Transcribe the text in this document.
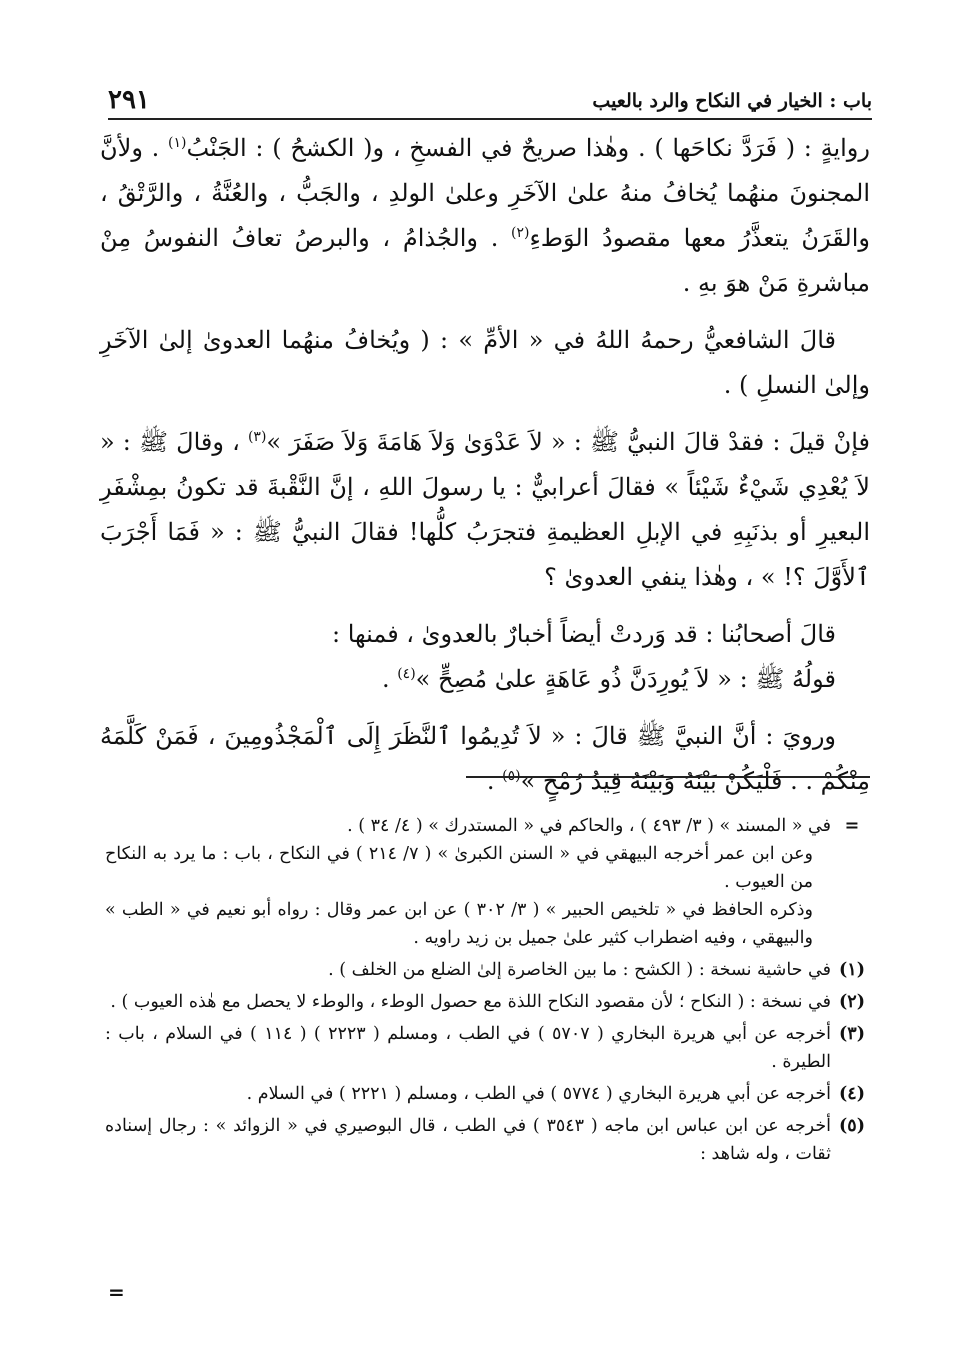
٢٩١	باب : الخيار في النكاح والرد بالعيب

روايةٍ : ( فَرَدَّ نكاحَها ) . وهٰذا صريحٌ في الفسخِ ، و( الكشحُ ) : الجَنْبُ$^{(١)}$ . ولأنَّ المجنونَ منهُما يُخافُ منهُ علىٰ الآخَرِ وعلىٰ الولدِ ، والجَبُّ ، والعُنَّةُ ، والرَّتْقُ ، والقَرَنُ يتعذَّرُ معها مقصودُ الوَطءِ$^{(٢)}$ . والجُذامُ ، والبرصُ تعافُ النفوسُ مِنْ مباشرةِ مَنْ هوَ بهِ .

قالَ الشافعيُّ رحمهُ اللهُ في « الأمِّ » : ( ويُخافُ منهُما العدوىٰ إلىٰ الآخَرِ وإلىٰ النسلِ ) .

فإنْ قيلَ : فقدْ قالَ النبيُّ ﷺ : « لاَ عَدْوَىٰ وَلاَ هَامَةَ وَلاَ صَفَرَ »$^{(٣)}$ ، وقالَ ﷺ : « لاَ يُعْدِي شَيْءٌ شَيْئاً » فقالَ أعرابيٌّ : يا رسولَ اللهِ ، إنَّ النَّقْبةَ قد تكونُ بمِشْفَرِ البعيرِ أو بذنَبِهِ في الإبلِ العظيمةِ فتجرَبُ كلُّها! فقالَ النبيُّ ﷺ : « فَمَا أَجْرَبَ ٱلأَوَّلَ ؟! » ، وهٰذا ينفي العدوىٰ ؟

قالَ أصحابُنا : قد وَردتْ أيضاً أخبارٌ بالعدوىٰ ، فمنها :

قولُهُ ﷺ : « لاَ يُورِدَنَّ ذُو عَاهَةٍ علىٰ مُصِحٍّ »$^{(٤)}$ .

ورويَ : أنَّ النبيَّ ﷺ قالَ : « لاَ تُدِيمُوا ٱلنَّظَرَ إِلَى ٱلْمَجْذُومِينَ ، فَمَنْ كَلَّمَهُ مِنْكُمْ . . فَلْيَكُنْ بَيْنَهُ وَبَيْنَهُ قِيدُ رُمْحٍ »$^{(٥)}$ .

=
في « المسند » ( ٣/ ٤٩٣ ) ، والحاكم في « المستدرك » ( ٤/ ٣٤ ) .
وعن ابن عمر أخرجه البيهقي في « السنن الكبرىٰ » ( ٧/ ٢١٤ ) في النكاح ، باب : ما يرد به النكاح من العيوب .
وذكره الحافظ في « تلخيص الحبير » ( ٣/ ٣٠٢ ) عن ابن عمر وقال : رواه أبو نعيم في « الطب » والبيهقي ، وفيه اضطراب كثير علىٰ جميل بن زيد راويه .
(١)
في حاشية نسخة : ( الكشح : ما بين الخاصرة إلىٰ الضلع من الخلف ) .
(٢)
في نسخة : ( النكاح ؛ لأن مقصود النكاح اللذة مع حصول الوطء ، والوطء لا يحصل مع هٰذه العيوب ) .
(٣)
أخرجه عن أبي هريرة البخاري ( ٥٧٠٧ ) في الطب ، ومسلم ( ٢٢٢٣ ) ( ١١٤ ) في السلام ، باب : الطيرة .
(٤)
أخرجه عن أبي هريرة البخاري ( ٥٧٧٤ ) في الطب ، ومسلم ( ٢٢٢١ ) في السلام .
(٥)
أخرجه عن ابن عباس ابن ماجه ( ٣٥٤٣ ) في الطب ، قال البوصيري في « الزوائد » : رجال إسناده ثقات ، وله شاهد :
=
